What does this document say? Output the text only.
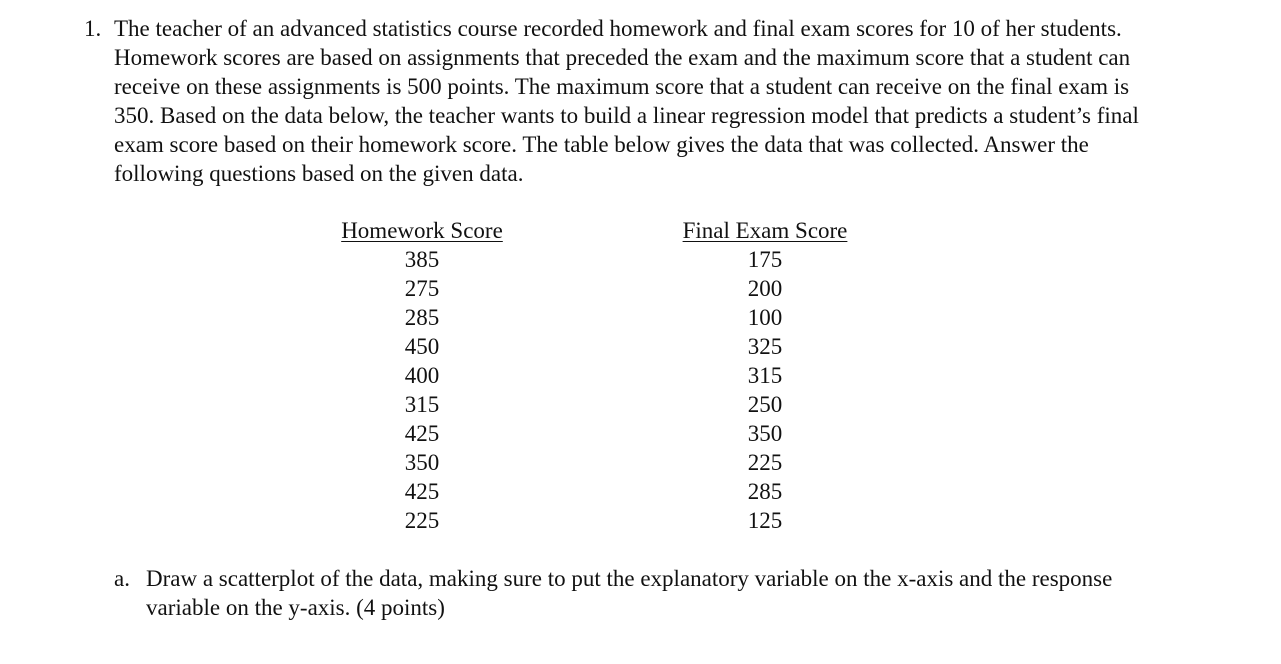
1. The teacher of an advanced statistics course recorded homework and final exam scores for 10 of her students. Homework scores are based on assignments that preceded the exam and the maximum score that a student can receive on these assignments is 500 points. The maximum score that a student can receive on the final exam is 350. Based on the data below, the teacher wants to build a linear regression model that predicts a student’s final exam score based on their homework score. The table below gives the data that was collected. Answer the following questions based on the given data.
Homework Score		Final Exam Score
385		175
275		200
285		100
450		325
400		315
315		250
425		350
350		225
425		285
225		125
a. Draw a scatterplot of the data, making sure to put the explanatory variable on the x-axis and the response variable on the y-axis. (4 points)
